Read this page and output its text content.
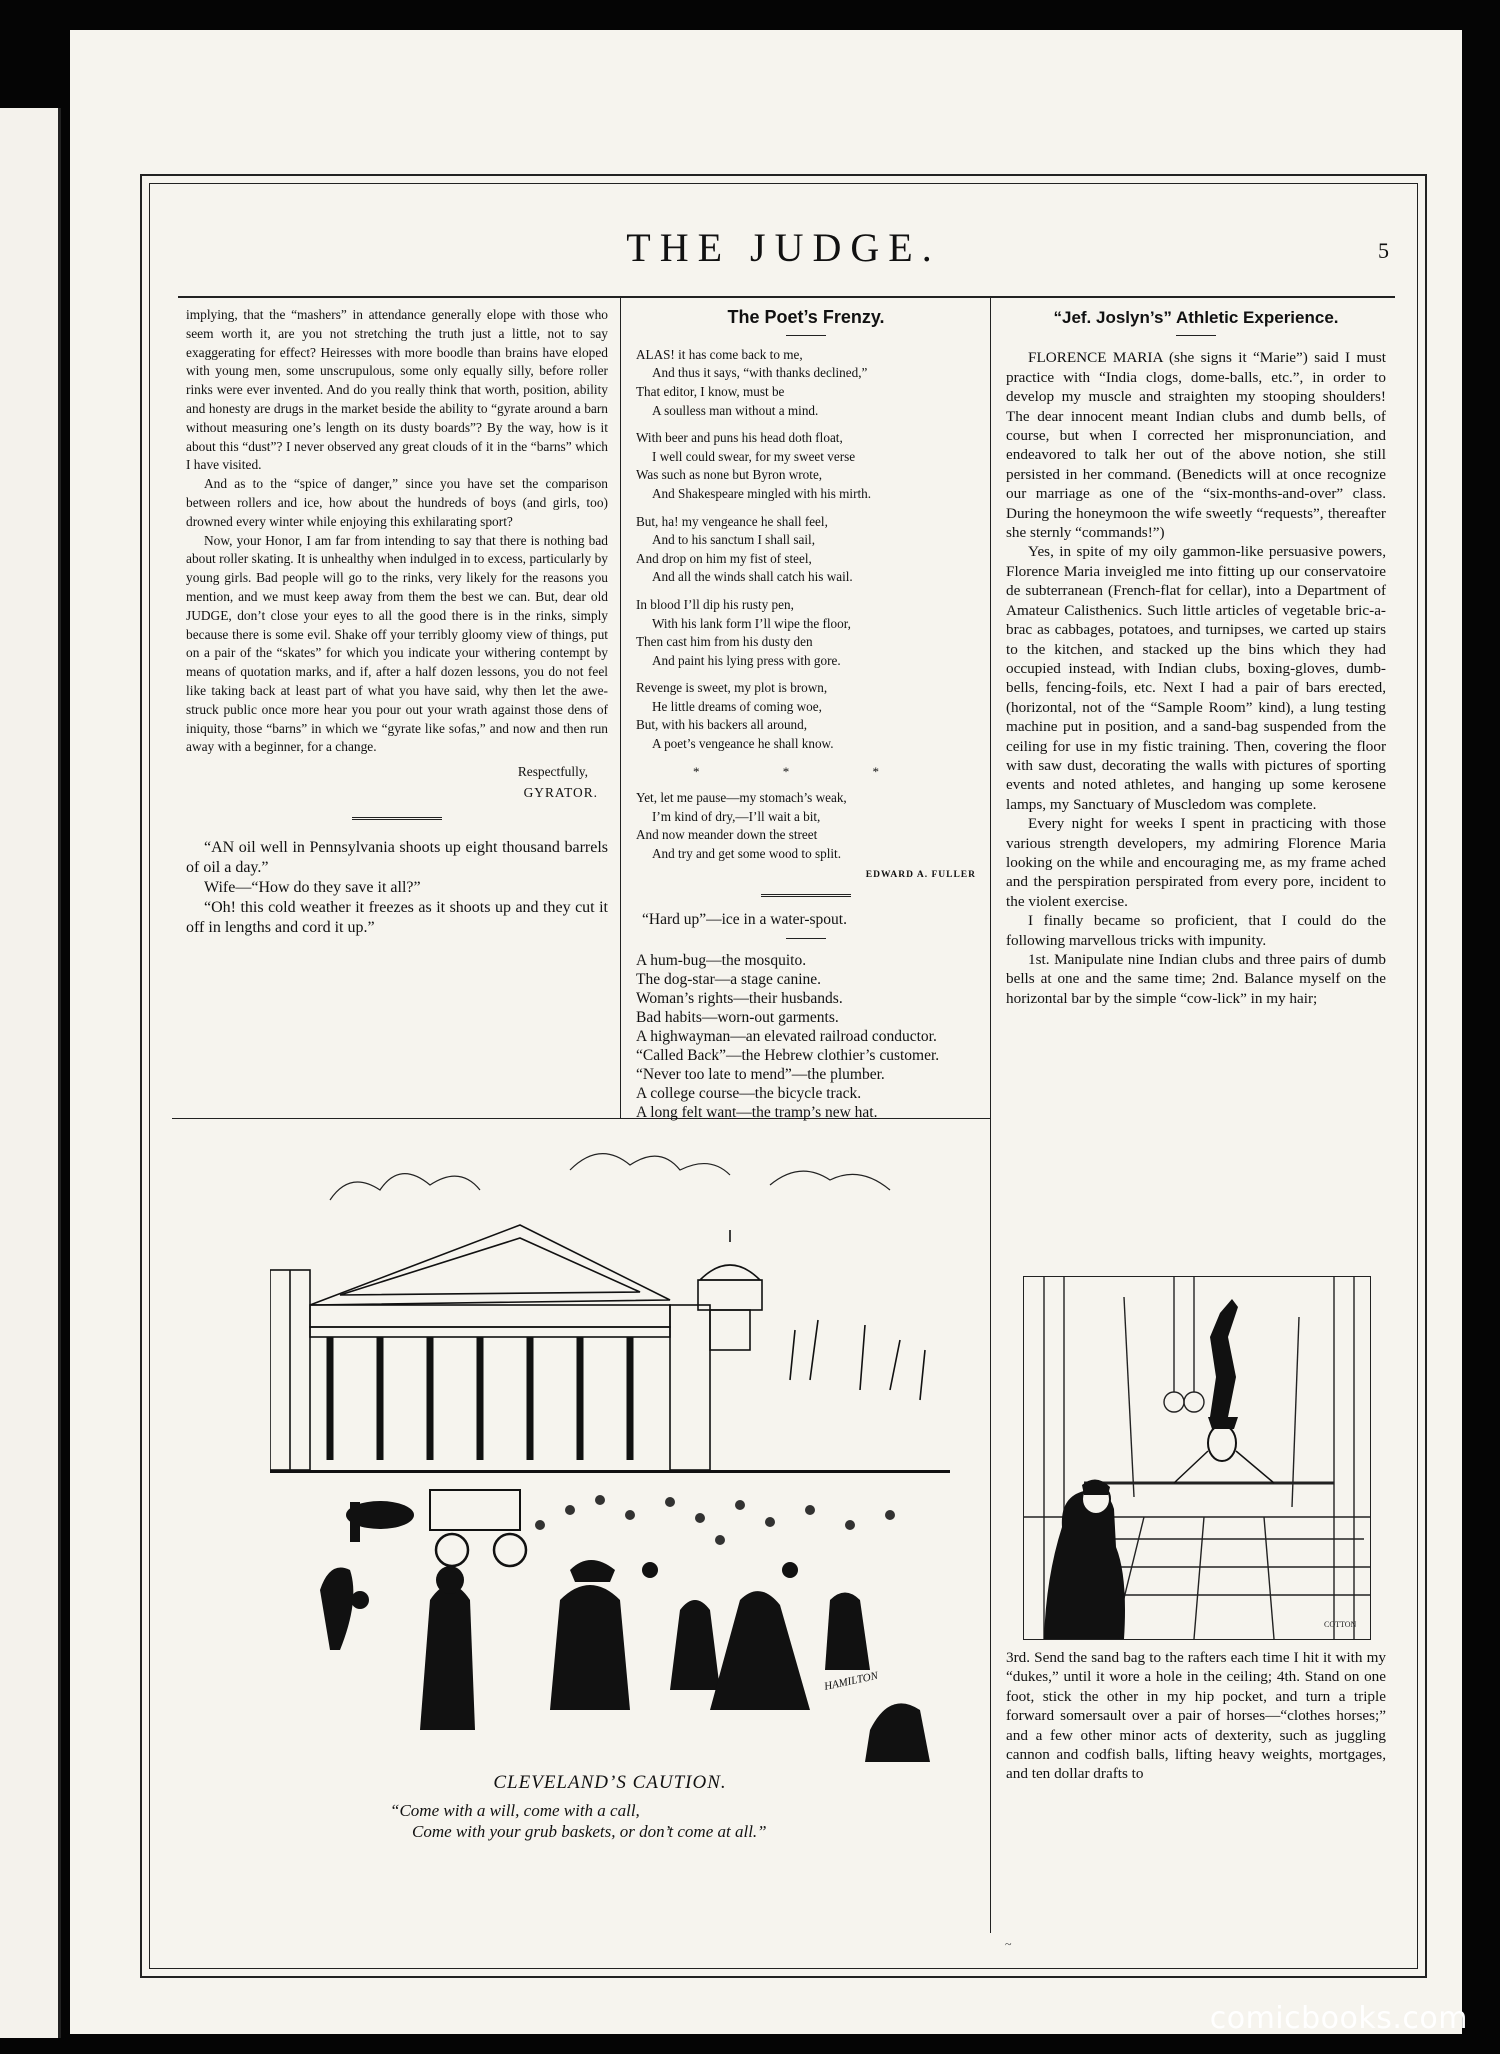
THE JUDGE.	5

implying, that the “mashers” in attendance generally elope with those who seem worth it, are you not stretching the truth just a little, not to say exaggerating for effect? Heiresses with more boodle than brains have eloped with young men, some unscrupulous, some only equally silly, before roller rinks were ever invented. And do you really think that worth, position, ability and honesty are drugs in the market beside the ability to “gyrate around a barn without measuring one’s length on its dusty boards”? By the way, how is it about this “dust”? I never observed any great clouds of it in the “barns” which I have visited.

And as to the “spice of danger,” since you have set the comparison between rollers and ice, how about the hundreds of boys (and girls, too) drowned every winter while enjoying this exhilarating sport?

Now, your Honor, I am far from intending to say that there is nothing bad about roller skating. It is unhealthy when indulged in to excess, particularly by young girls. Bad people will go to the rinks, very likely for the reasons you mention, and we must keep away from them the best we can. But, dear old JUDGE, don’t close your eyes to all the good there is in the rinks, simply because there is some evil. Shake off your terribly gloomy view of things, put on a pair of the “skates” for which you indicate your withering contempt by means of quotation marks, and if, after a half dozen lessons, you do not feel like taking back at least part of what you have said, why then let the awe-struck public once more hear you pour out your wrath against those dens of iniquity, those “barns” in which we “gyrate like sofas,” and now and then run away with a beginner, for a change.

Respectfully,

GYRATOR.

“AN oil well in Pennsylvania shoots up eight thousand barrels of oil a day.”

Wife—“How do they save it all?”

“Oh! this cold weather it freezes as it shoots up and they cut it off in lengths and cord it up.”

The Poet’s Frenzy.
ALAS! it has come back to me,
And thus it says, “with thanks declined,”
That editor, I know, must be
A soulless man without a mind.
With beer and puns his head doth float,
I well could swear, for my sweet verse
Was such as none but Byron wrote,
And Shakespeare mingled with his mirth.
But, ha! my vengeance he shall feel,
And to his sanctum I shall sail,
And drop on him my fist of steel,
And all the winds shall catch his wail.
In blood I’ll dip his rusty pen,
With his lank form I’ll wipe the floor,
Then cast him from his dusty den
And paint his lying press with gore.
Revenge is sweet, my plot is brown,
He little dreams of coming woe,
But, with his backers all around,
A poet’s vengeance he shall know.
* * *
Yet, let me pause—my stomach’s weak,
I’m kind of dry,—I’ll wait a bit,
And now meander down the street
And try and get some wood to split.
EDWARD A. FULLER
“Hard up”—ice in a water-spout.

A hum-bug—the mosquito.

The dog-star—a stage canine.

Woman’s rights—their husbands.

Bad habits—worn-out garments.

A highwayman—an elevated railroad conductor.

“Called Back”—the Hebrew clothier’s customer.

“Never too late to mend”—the plumber.

A college course—the bicycle track.

A long felt want—the tramp’s new hat.

“Jef. Joslyn’s” Athletic Experience.

FLORENCE MARIA (she signs it “Marie”) said I must practice with “India clogs, dome-balls, etc.”, in order to develop my muscle and straighten my stooping shoulders! The dear innocent meant Indian clubs and dumb bells, of course, but when I corrected her mispronunciation, and endeavored to talk her out of the above notion, she still persisted in her command. (Benedicts will at once recognize our marriage as one of the “six-months-and-over” class. During the honeymoon the wife sweetly “requests”, thereafter she sternly “commands!”)

Yes, in spite of my oily gammon-like persuasive powers, Florence Maria inveigled me into fitting up our conservatoire de subterranean (French-flat for cellar), into a Department of Amateur Calisthenics. Such little articles of vegetable bric-a-brac as cabbages, potatoes, and turnipses, we carted up stairs to the kitchen, and stacked up the bins which they had occupied instead, with Indian clubs, boxing-gloves, dumb-bells, fencing-foils, etc. Next I had a pair of bars erected, (horizontal, not of the “Sample Room” kind), a lung testing machine put in position, and a sand-bag suspended from the ceiling for use in my fistic training. Then, covering the floor with saw dust, decorating the walls with pictures of sporting events and noted athletes, and hanging up some kerosene lamps, my Sanctuary of Muscledom was complete.

Every night for weeks I spent in practicing with those various strength developers, my admiring Florence Maria looking on the while and encouraging me, as my frame ached and the perspiration perspirated from every pore, incident to the violent exercise.

I finally became so proficient, that I could do the following marvellous tricks with impunity.

1st. Manipulate nine Indian clubs and three pairs of dumb bells at one and the same time; 2nd. Balance myself on the horizontal bar by the simple “cow-lick” in my hair;

COTTON

3rd. Send the sand bag to the rafters each time I hit it with my “dukes,” until it wore a hole in the ceiling; 4th. Stand on one foot, stick the other in my hip pocket, and turn a triple forward somersault over a pair of horses—“clothes horses;” and a few other minor acts of dexterity, such as juggling cannon and codfish balls, lifting heavy weights, mortgages, and ten dollar drafts to

HAMILTON
CLEVELAND’S CAUTION.
“Come with a will, come with a call,
Come with your grub baskets, or don’t come at all.”
~
comicbooks.com
